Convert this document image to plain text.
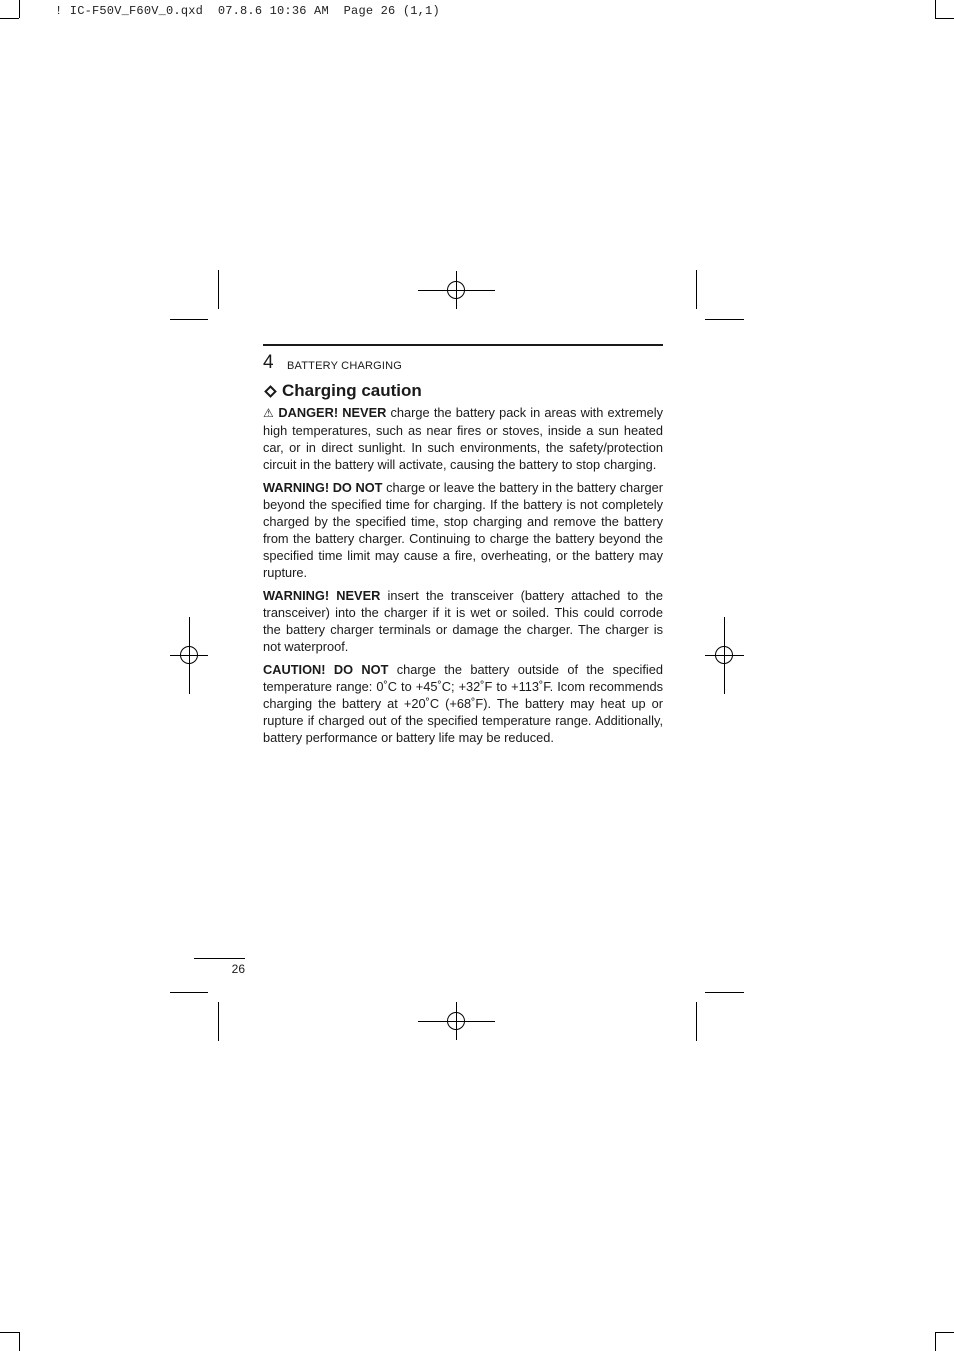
! IC-F50V_F60V_0.qxd  07.8.6 10:36 AM  Page 26 (1,1)
4 BATTERY CHARGING
Charging caution

⚠ DANGER! NEVER charge the battery pack in areas with extremely high temperatures, such as near fires or stoves, inside a sun heated car, or in direct sunlight. In such environments, the safety/protection circuit in the battery will activate, causing the battery to stop charging.

WARNING! DO NOT charge or leave the battery in the battery charger beyond the specified time for charging. If the battery is not completely charged by the specified time, stop charging and remove the battery from the battery charger. Continuing to charge the battery beyond the specified time limit may cause a fire, overheating, or the battery may rupture.

WARNING! NEVER insert the transceiver (battery attached to the transceiver) into the charger if it is wet or soiled. This could corrode the battery charger terminals or damage the charger. The charger is not waterproof.

CAUTION! DO NOT charge the battery outside of the specified temperature range: 0˚C to +45˚C; +32˚F to +113˚F. Icom recommends charging the battery at +20˚C (+68˚F). The battery may heat up or rupture if charged out of the specified temperature range. Additionally, battery performance or battery life may be reduced.

26
